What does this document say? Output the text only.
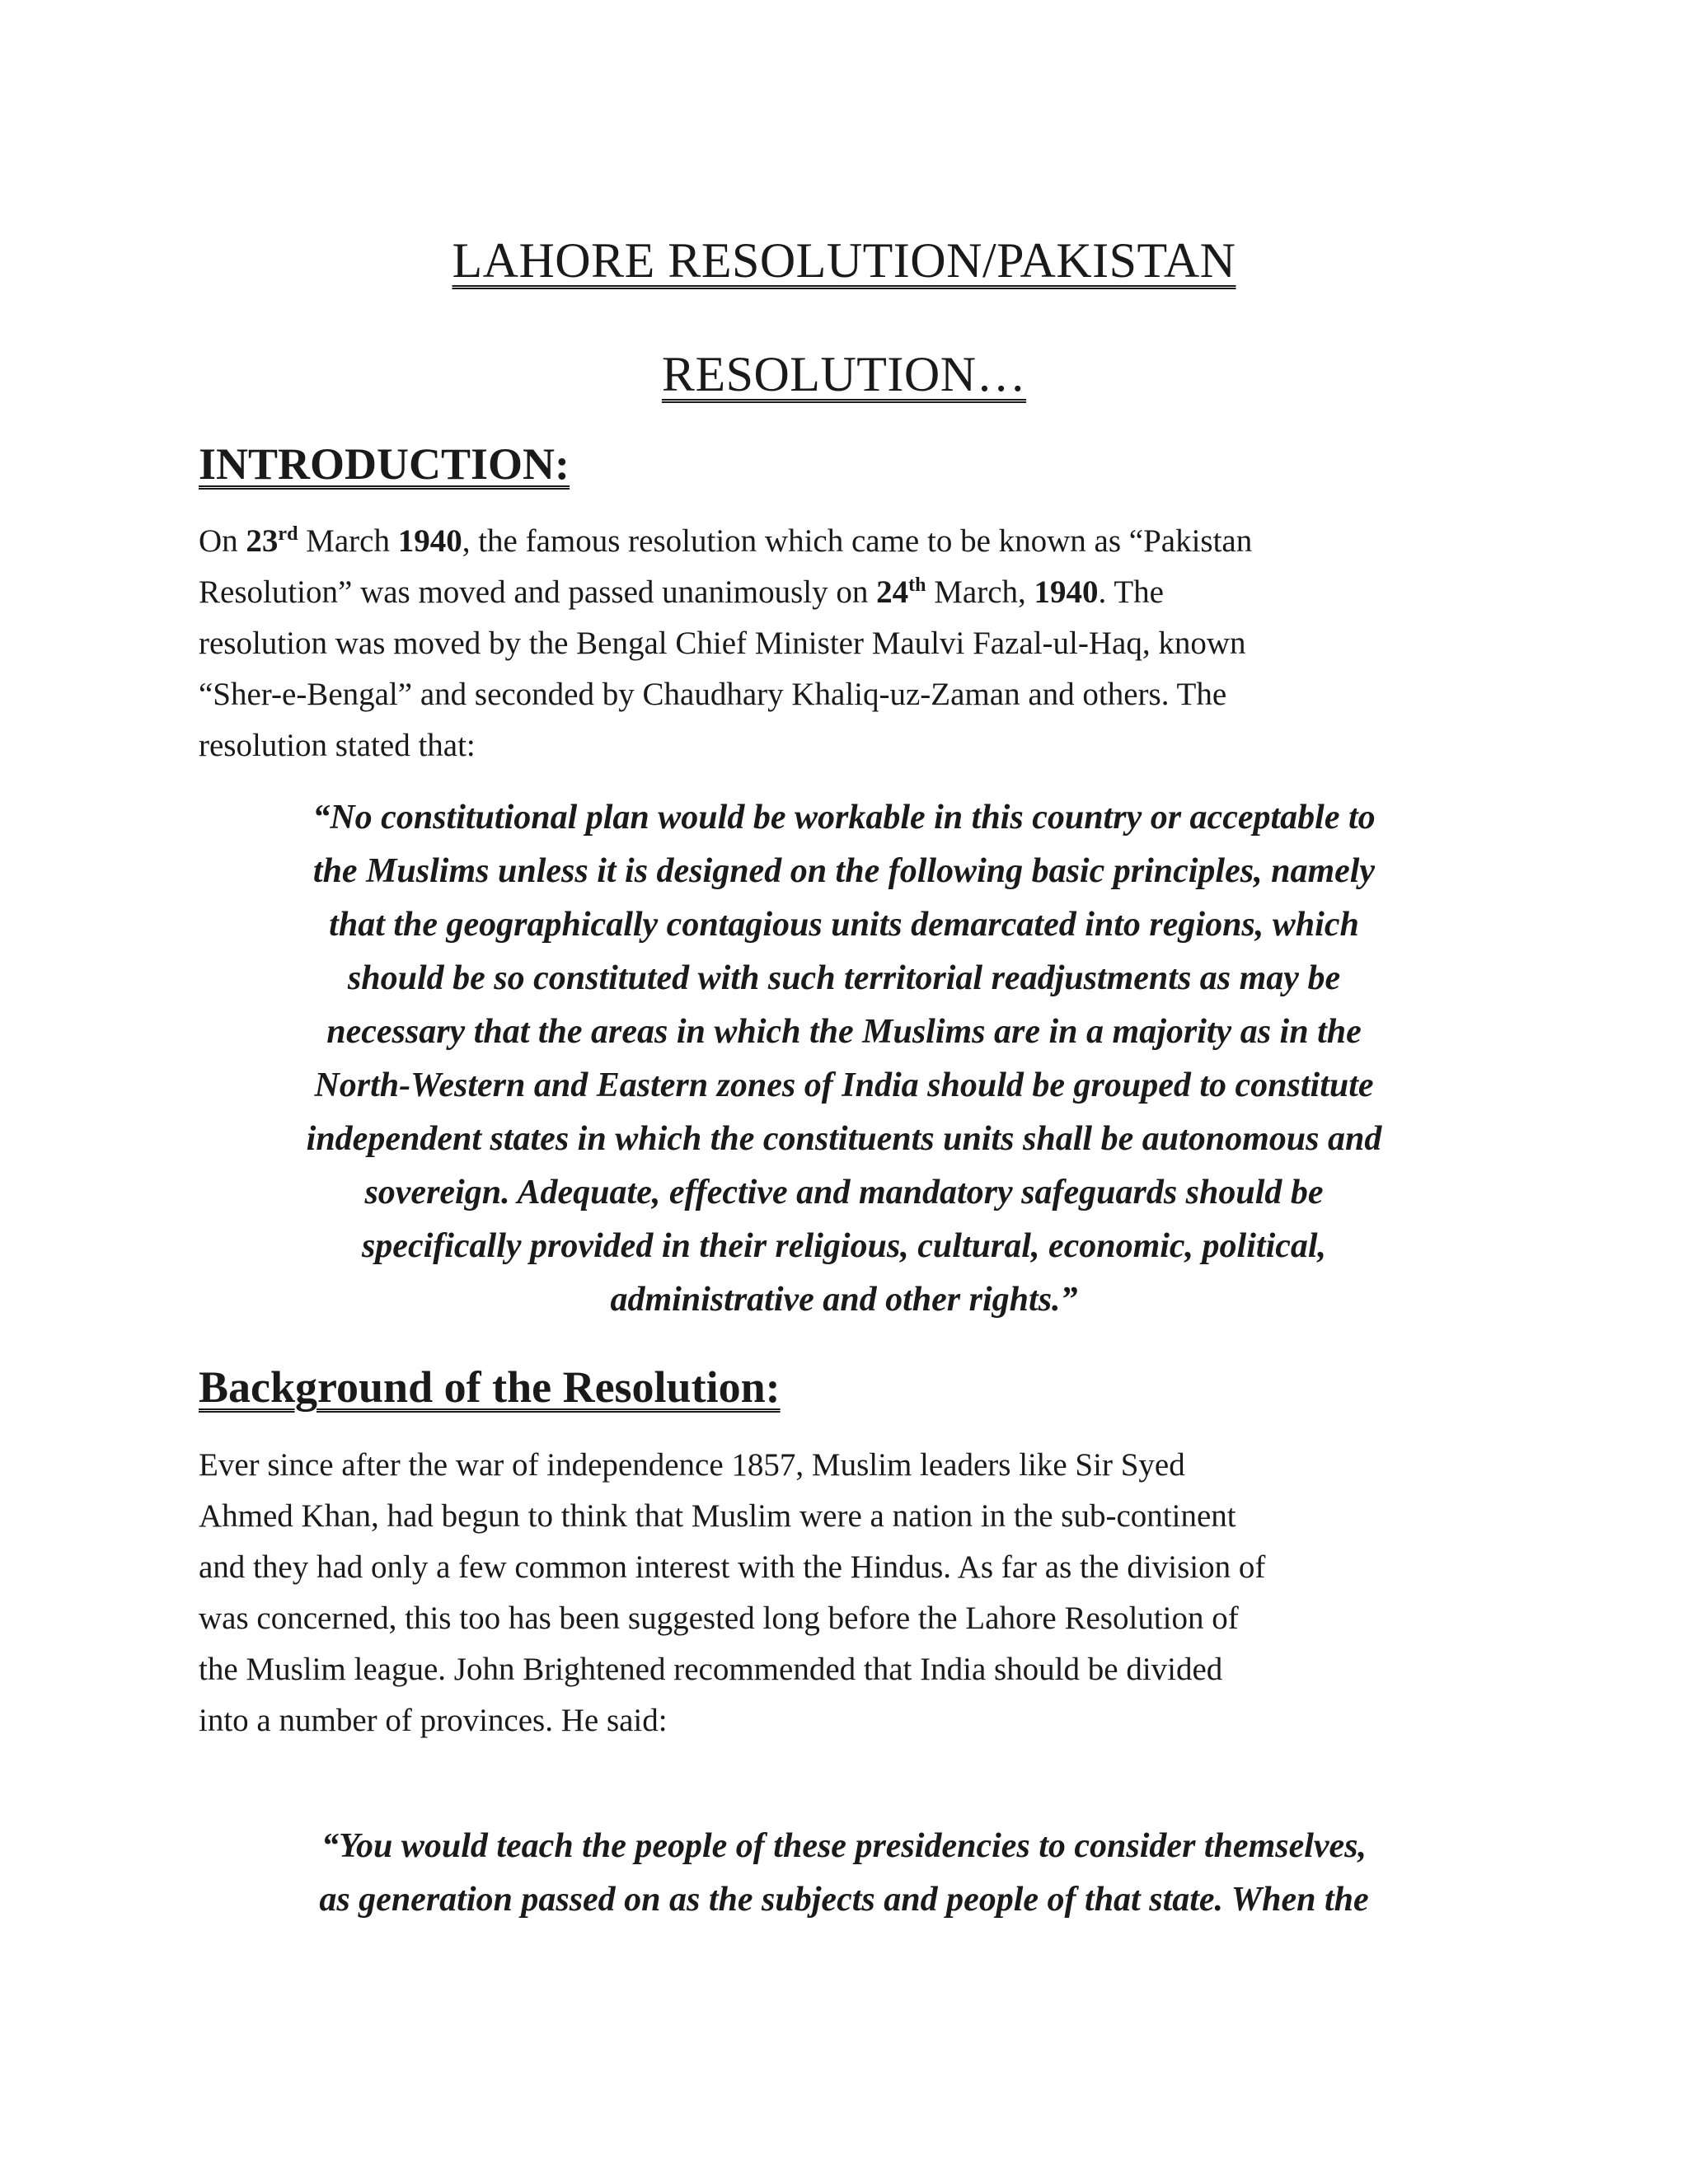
LAHORE RESOLUTION/PAKISTAN
RESOLUTION…
INTRODUCTION:
On 23rd March 1940, the famous resolution which came to be known as “Pakistan
Resolution” was moved and passed unanimously on 24th March, 1940. The
resolution was moved by the Bengal Chief Minister Maulvi Fazal-ul-Haq, known
“Sher-e-Bengal” and seconded by Chaudhary Khaliq-uz-Zaman and others. The
resolution stated that:
“No constitutional plan would be workable in this country or acceptable to
the Muslims unless it is designed on the following basic principles, namely
that the geographically contagious units demarcated into regions, which
should be so constituted with such territorial readjustments as may be
necessary that the areas in which the Muslims are in a majority as in the
North-Western and Eastern zones of India should be grouped to constitute
independent states in which the constituents units shall be autonomous and
sovereign. Adequate, effective and mandatory safeguards should be
specifically provided in their religious, cultural, economic, political,
administrative and other rights.”
Background of the Resolution:
Ever since after the war of independence 1857, Muslim leaders like Sir Syed
Ahmed Khan, had begun to think that Muslim were a nation in the sub-continent
and they had only a few common interest with the Hindus. As far as the division of
was concerned, this too has been suggested long before the Lahore Resolution of
the Muslim league. John Brightened recommended that India should be divided
into a number of provinces. He said:
“You would teach the people of these presidencies to consider themselves,
as generation passed on as the subjects and people of that state. When the
